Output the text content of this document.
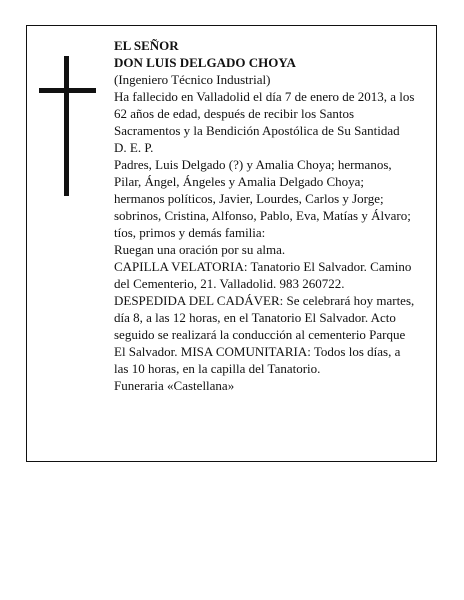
EL SEÑOR

DON LUIS DELGADO CHOYA

(Ingeniero Técnico Industrial)

Ha fallecido en Valladolid el día 7 de enero de 2013, a los 62 años de edad, después de recibir los Santos Sacramentos y la Bendición Apostólica de Su Santidad

D. E. P.

Padres, Luis Delgado (?) y Amalia Choya; hermanos, Pilar, Ángel, Ángeles y Amalia Delgado Choya; hermanos políticos, Javier, Lourdes, Carlos y Jorge; sobrinos, Cristina, Alfonso, Pablo, Eva, Matías y Álvaro; tíos, primos y demás familia:

Ruegan una oración por su alma.

CAPILLA VELATORIA: Tanatorio El Salvador. Camino del Cementerio, 21. Valladolid. 983 260722.

DESPEDIDA DEL CADÁVER: Se celebrará hoy martes, día 8, a las 12 horas, en el Tanatorio El Salvador. Acto seguido se realizará la conducción al cementerio Parque El Salvador. MISA COMUNITARIA: Todos los días, a las 10 horas, en la capilla del Tanatorio.

Funeraria «Castellana»
